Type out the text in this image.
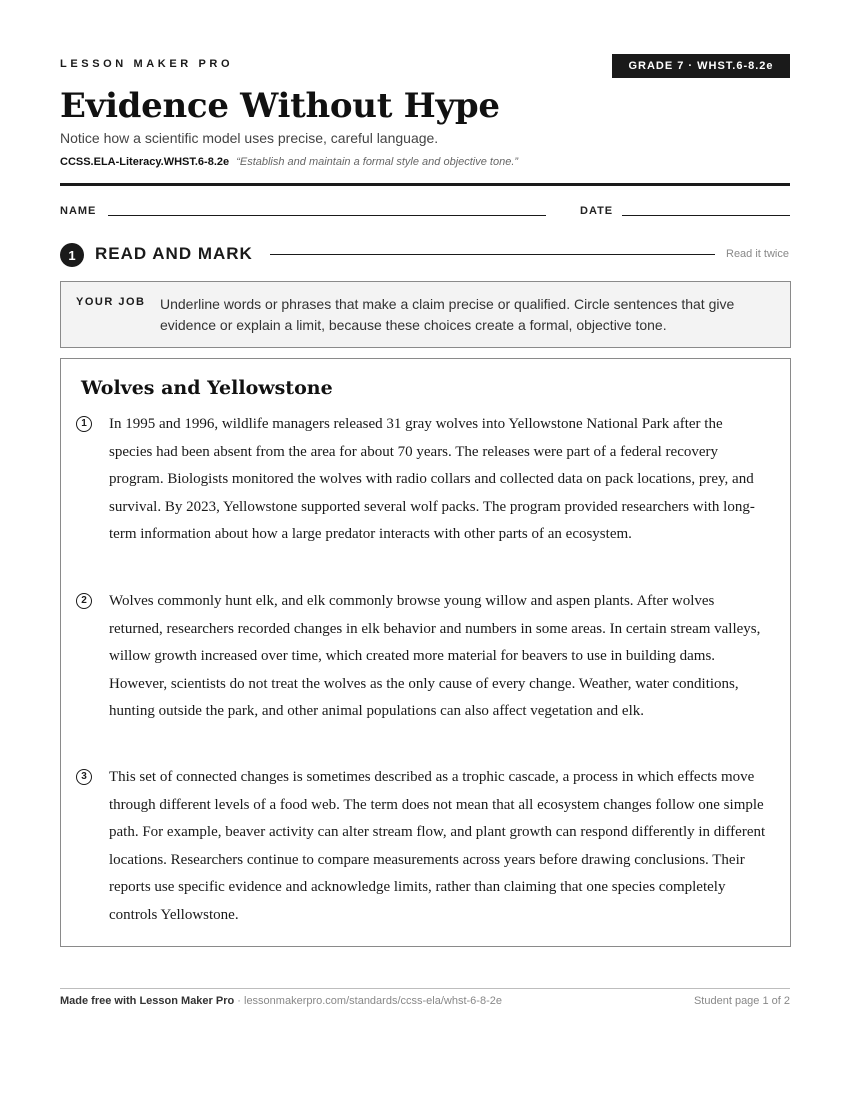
LESSON MAKER PRO	GRADE 7 · WHST.6-8.2e
Evidence Without Hype
Notice how a scientific model uses precise, careful language.
CCSS.ELA-Literacy.WHST.6-8.2e “Establish and maintain a formal style and objective tone.”
NAME	DATE
1	READ AND MARK	Read it twice
YOUR JOB Underline words or phrases that make a claim precise or qualified. Circle sentences that give evidence or explain a limit, because these choices create a formal, objective tone.
Wolves and Yellowstone
1	In 1995 and 1996, wildlife managers released 31 gray wolves into Yellowstone National Park after the species had been absent from the area for about 70 years. The releases were part of a federal recovery program. Biologists monitored the wolves with radio collars and collected data on pack locations, prey, and survival. By 2023, Yellowstone supported several wolf packs. The program provided researchers with long-term information about how a large predator interacts with other parts of an ecosystem.

2	Wolves commonly hunt elk, and elk commonly browse young willow and aspen plants. After wolves returned, researchers recorded changes in elk behavior and numbers in some areas. In certain stream valleys, willow growth increased over time, which created more material for beavers to use in building dams. However, scientists do not treat the wolves as the only cause of every change. Weather, water conditions, hunting outside the park, and other animal populations can also affect vegetation and elk.

3	This set of connected changes is sometimes described as a trophic cascade, a process in which effects move through different levels of a food web. The term does not mean that all ecosystem changes follow one simple path. For example, beaver activity can alter stream flow, and plant growth can respond differently in different locations. Researchers continue to compare measurements across years before drawing conclusions. Their reports use specific evidence and acknowledge limits, rather than claiming that one species completely controls Yellowstone.

Made free with Lesson Maker Pro · lessonmakerpro.com/standards/ccss-ela/whst-6-8-2e	Student page 1 of 2
